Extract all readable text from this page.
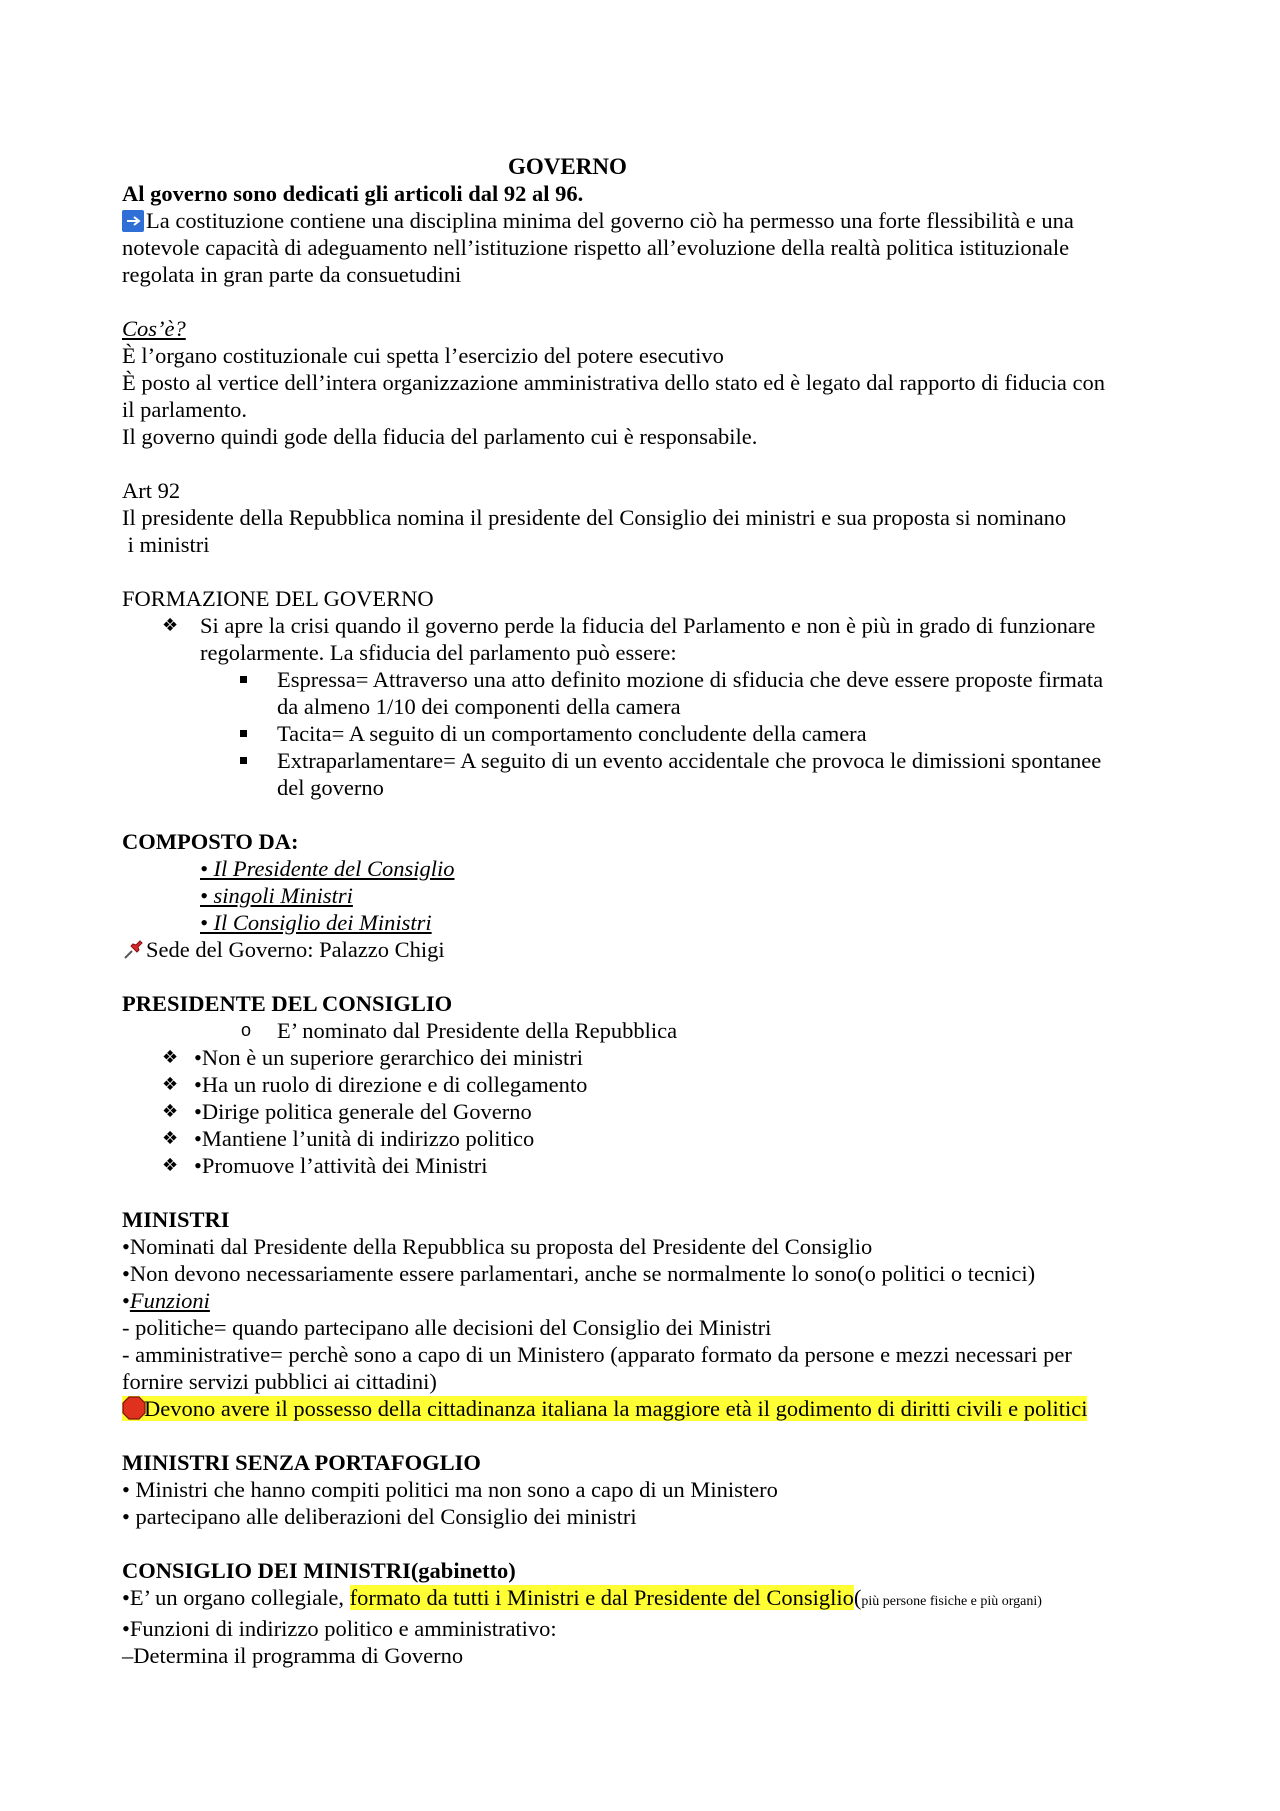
GOVERNO
Al governo sono dedicati gli articoli dal 92 al 96.
La costituzione contiene una disciplina minima del governo ciò ha permesso una forte flessibilità e una
notevole capacità di adeguamento nell’istituzione rispetto all’evoluzione della realtà politica istituzionale
regolata in gran parte da consuetudini
Cos’è?
È l’organo costituzionale cui spetta l’esercizio del potere esecutivo
È posto al vertice dell’intera organizzazione amministrativa dello stato ed è legato dal rapporto di fiducia con
il parlamento.
Il governo quindi gode della fiducia del parlamento cui è responsabile.
Art 92
Il presidente della Repubblica nomina il presidente del Consiglio dei ministri e sua proposta si nominano
i ministri
FORMAZIONE DEL GOVERNO
❖ Si apre la crisi quando il governo perde la fiducia del Parlamento e non è più in grado di funzionare
regolarmente. La sfiducia del parlamento può essere:
Espressa= Attraverso una atto definito mozione di sfiducia che deve essere proposte firmata
da almeno 1/10 dei componenti della camera
Tacita= A seguito di un comportamento concludente della camera
Extraparlamentare= A seguito di un evento accidentale che provoca le dimissioni spontanee
del governo
COMPOSTO DA:
• Il Presidente del Consiglio
• singoli Ministri
• Il Consiglio dei Ministri
Sede del Governo: Palazzo Chigi
PRESIDENTE DEL CONSIGLIO
o E’ nominato dal Presidente della Repubblica
❖ •Non è un superiore gerarchico dei ministri
❖ •Ha un ruolo di direzione e di collegamento
❖ •Dirige politica generale del Governo
❖ •Mantiene l’unità di indirizzo politico
❖ •Promuove l’attività dei Ministri
MINISTRI
•Nominati dal Presidente della Repubblica su proposta del Presidente del Consiglio
•Non devono necessariamente essere parlamentari, anche se normalmente lo sono(o politici o tecnici)
•Funzioni
- politiche= quando partecipano alle decisioni del Consiglio dei Ministri
- amministrative= perchè sono a capo di un Ministero (apparato formato da persone e mezzi necessari per
fornire servizi pubblici ai cittadini)
Devono avere il possesso della cittadinanza italiana la maggiore età il godimento di diritti civili e politici
MINISTRI SENZA PORTAFOGLIO
• Ministri che hanno compiti politici ma non sono a capo di un Ministero
• partecipano alle deliberazioni del Consiglio dei ministri
CONSIGLIO DEI MINISTRI(gabinetto)
•E’ un organo collegiale, formato da tutti i Ministri e dal Presidente del Consiglio(più persone fisiche e più organi)
•Funzioni di indirizzo politico e amministrativo:
–Determina il programma di Governo
